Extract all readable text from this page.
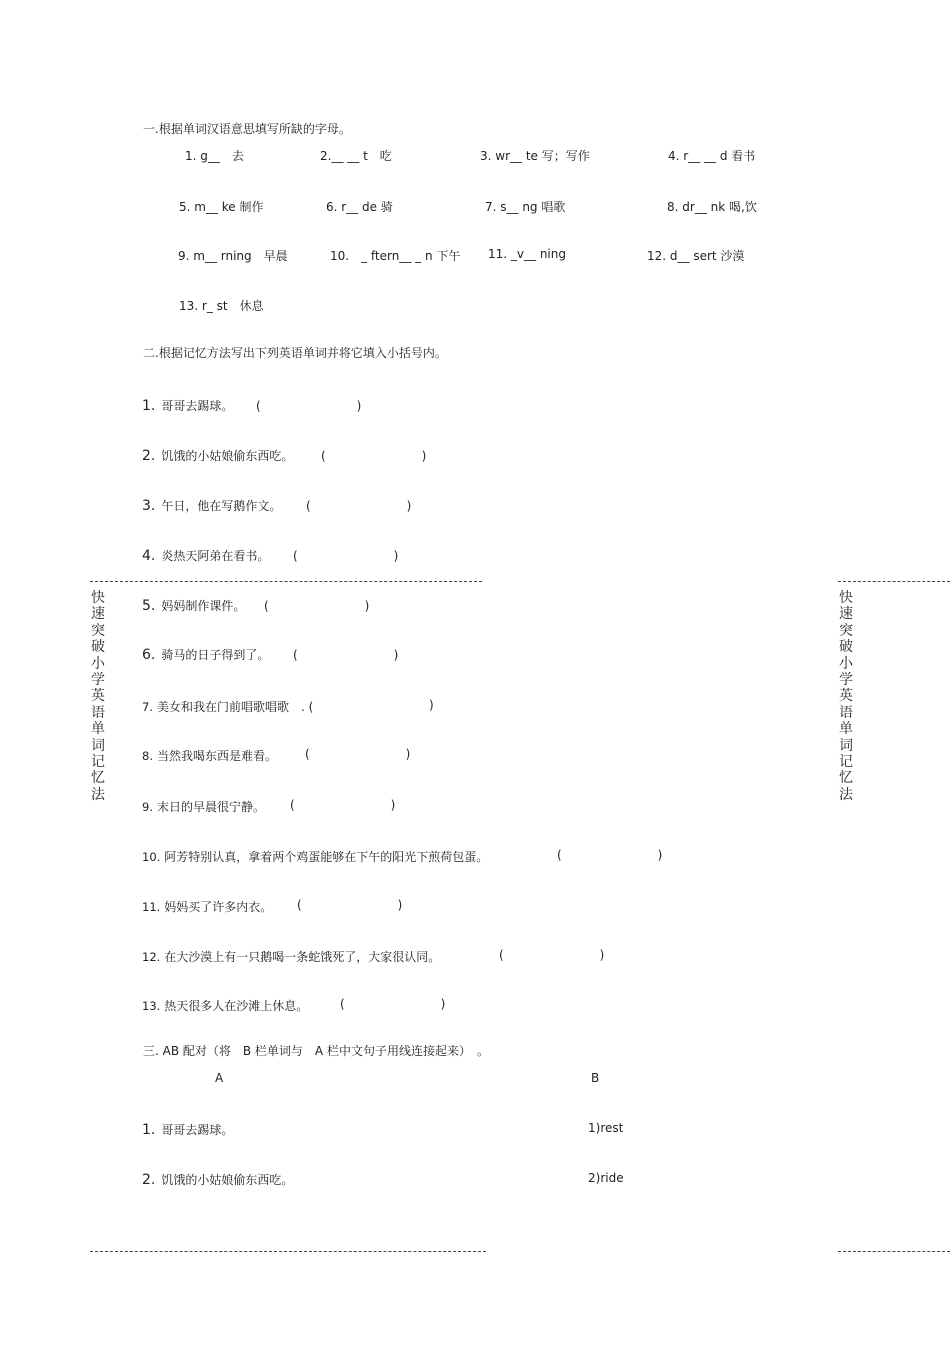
一.根据单词汉语意思填写所缺的字母。
1. g__　去	2.__ __ t　吃	3. wr__ te 写；写作	4. r__ __ d 看书
5. m__ ke 制作	6. r__ de 骑	7. s__ ng 唱歌	8. dr__ nk 喝,饮
9. m__ rning　早晨	10.　_ ftern__ _ n 下午 11. _v__ ning	12. d__ sert 沙漠
13. r_ st　休息
二.根据记忆方法写出下列英语单词并将它填入小括号内。
1. 哥哥去踢球。 (　　　　　　　　)
2. 饥饿的小姑娘偷东西吃。 (　　　　　　　　)
3. 午日，他在写鹅作文。 (　　　　　　　　)
4. 炎热天阿弟在看书。 (　　　　　　　　)
5. 妈妈制作课件。 (　　　　　　　　)
6. 骑马的日子得到了。 (　　　　　　　　)
7. 美女和我在门前唱歌唱歌　. ( 　　　　　　　　)
8. 当然我喝东西是难看。 (　　　　　　　　)
9. 末日的早晨很宁静。 (　　　　　　　　)
10. 阿芳特别认真，拿着两个鸡蛋能够在下午的阳光下煎荷包蛋。	(　　　　　　　　)
11. 妈妈买了许多内衣。 (　　　　　　　　)
12. 在大沙漠上有一只鹅喝一条蛇饿死了，大家很认同。	(　　　　　　　　)
13. 热天很多人在沙滩上休息。	(　　　　　　　　)
三. AB 配对（将　B 栏单词与　A 栏中文句子用线连接起来）　。
A	B
1. 哥哥去踢球。	1)rest
2. 饥饿的小姑娘偷东西吃。	2)ride
快速突破小学英语单词记忆法
快速突破小学英语单词记忆法
